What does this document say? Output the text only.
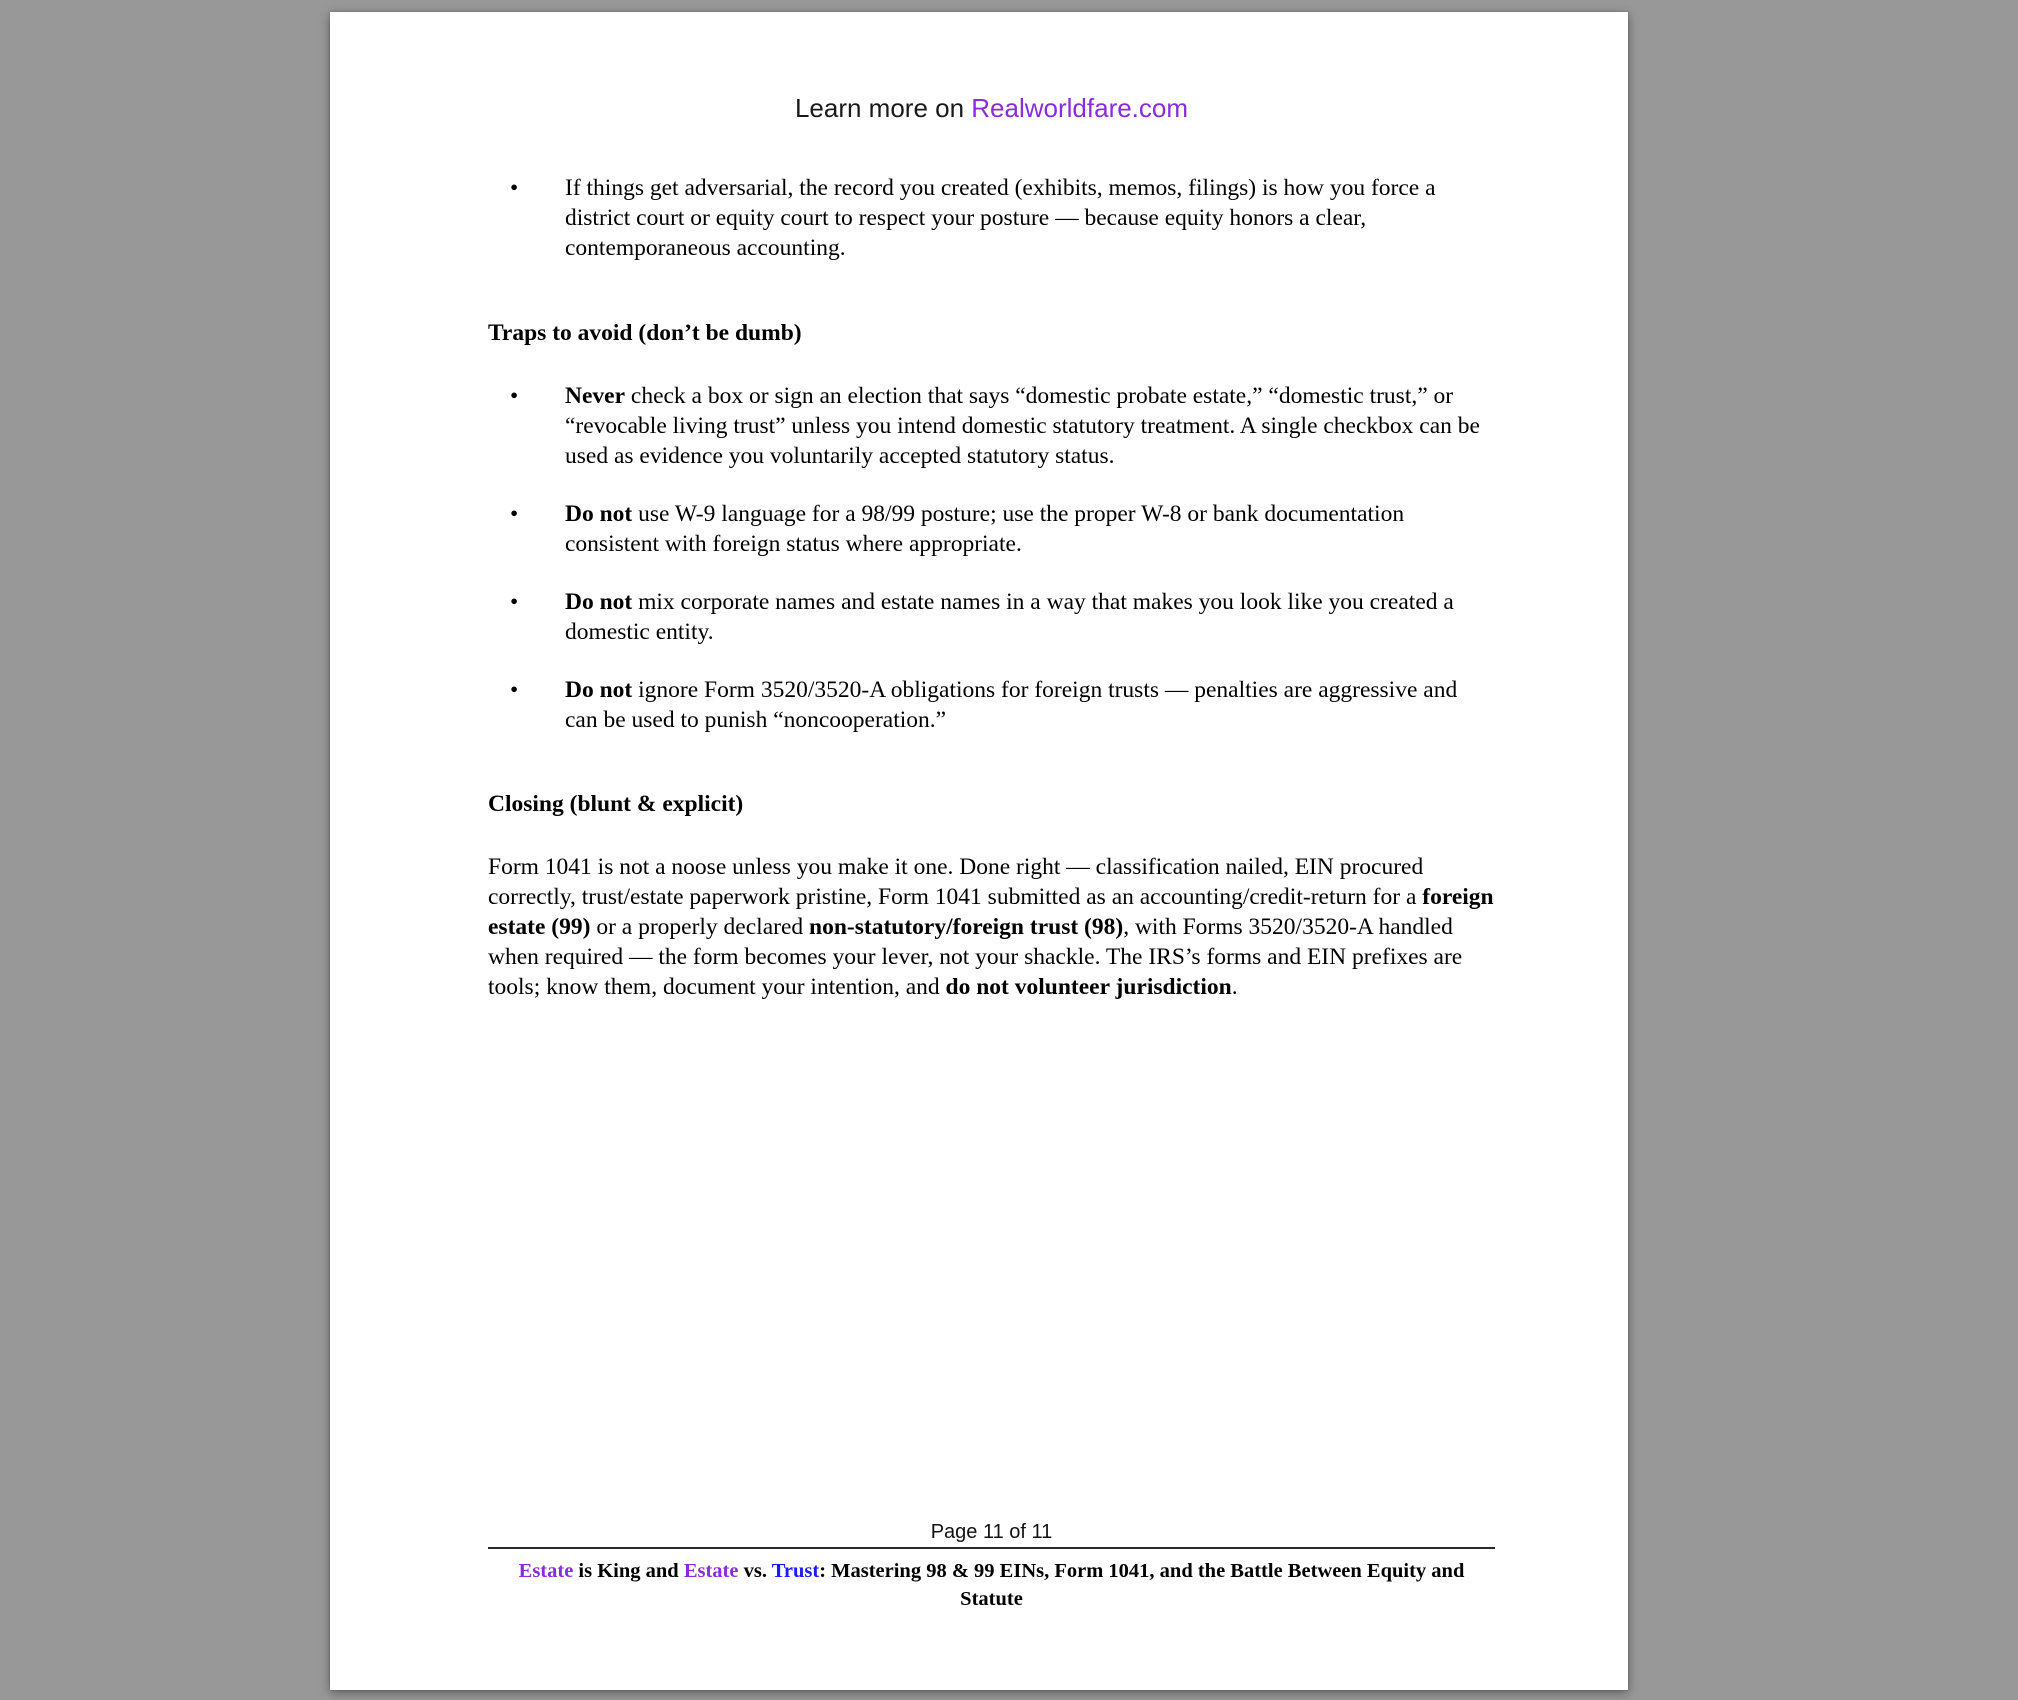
Learn more on Realworldfare.com
•
If things get adversarial, the record you created (exhibits, memos, filings) is how you force a district court or equity court to respect your posture — because equity honors a clear, contemporaneous accounting.
Traps to avoid (don’t be dumb)
•
Never check a box or sign an election that says “domestic probate estate,” “domestic trust,” or “revocable living trust” unless you intend domestic statutory treatment. A single checkbox can be used as evidence you voluntarily accepted statutory status.
•
Do not use W-9 language for a 98/99 posture; use the proper W-8 or bank documentation consistent with foreign status where appropriate.
•
Do not mix corporate names and estate names in a way that makes you look like you created a domestic entity.
•
Do not ignore Form 3520/3520-A obligations for foreign trusts — penalties are aggressive and can be used to punish “noncooperation.”
Closing (blunt & explicit)

Form 1041 is not a noose unless you make it one. Done right — classification nailed, EIN procured correctly, trust/estate paperwork pristine, Form 1041 submitted as an accounting/credit-return for a foreign estate (99) or a properly declared non-statutory/foreign trust (98), with Forms 3520/3520-A handled when required — the form becomes your lever, not your shackle. The IRS’s forms and EIN prefixes are tools; know them, document your intention, and do not volunteer jurisdiction.

Page 11 of 11
Estate is King and Estate vs. Trust: Mastering 98 & 99 EINs, Form 1041, and the Battle Between Equity and Statute
